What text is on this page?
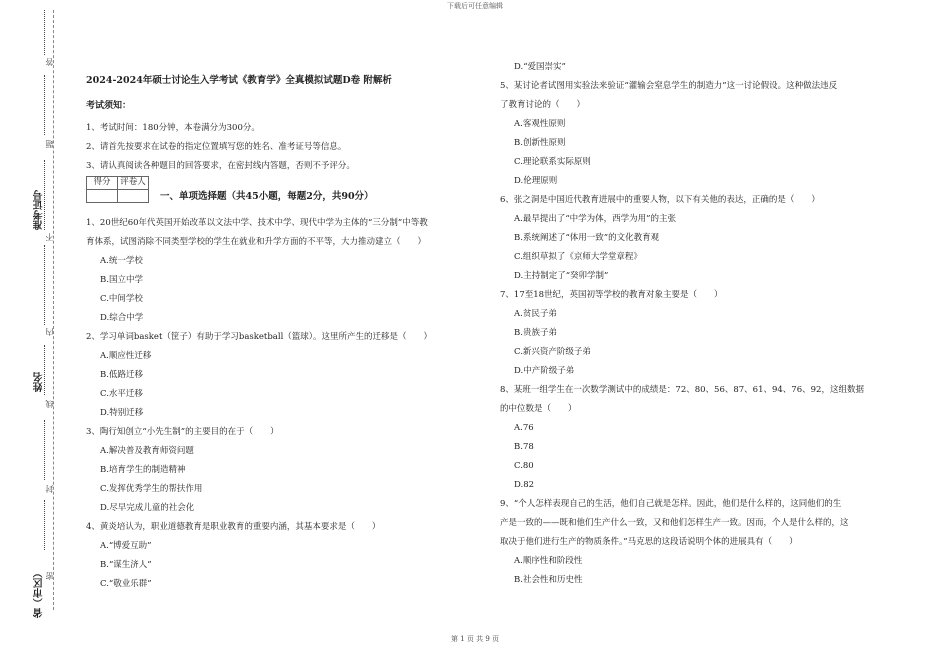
下载后可任意编辑
答
题
不
内
线
封
密
准考证号
姓名
省（市区）

2024-2024年硕士讨论生入学考试《教育学》全真模拟试题D卷 附解析

考试须知：

1、考试时间：180分钟，本卷满分为300分。

2、请首先按要求在试卷的指定位置填写您的姓名、准考证号等信息。

3、请认真阅读各种题目的回答要求，在密封线内答题，否则不予评分。

得分	评卷人

一、单项选择题（共45小题，每题2分，共90分）

1、20世纪60年代英国开始改革以文法中学、技术中学、现代中学为主体的“三分制”中等教

育体系，试图消除不同类型学校的学生在就业和升学方面的不平等，大力推动建立（　　）

A.统一学校

B.国立中学

C.中间学校

D.综合中学

2、学习单词basket（筐子）有助于学习basketball（篮球）。这里所产生的迁移是（　　）

A.顺应性迁移

B.低路迁移

C.水平迁移

D.特别迁移

3、陶行知创立“小先生制”的主要目的在于（　　）

A.解决普及教育师资问题

B.培育学生的制造精神

C.发挥优秀学生的帮扶作用

D.尽早完成儿童的社会化

4、黄炎培认为，职业道德教育是职业教育的重要内涵，其基本要求是（　　）

A.“博爱互助”

B.“谋生济人”

C.“敬业乐群”

D.“爱国崇实”

5、某讨论者试图用实验法来验证“灌输会窒息学生的制造力”这一讨论假设。这种做法违反

了教育讨论的（　　）

A.客观性原则

B.创新性原则

C.理论联系实际原则

D.伦理原则

6、张之洞是中国近代教育进展中的重要人物，以下有关他的表达，正确的是（　　）

A.最早提出了“中学为体，西学为用”的主张

B.系统阐述了“体用一致”的文化教育观

C.组织草拟了《京师大学堂章程》

D.主持制定了“癸卯学制”

7、17至18世纪，英国初等学校的教育对象主要是（　　）

A.贫民子弟

B.贵族子弟

C.新兴资产阶级子弟

D.中产阶级子弟

8、某班一组学生在一次数学测试中的成绩是：72、80、56、87、61、94、76、92，这组数据

的中位数是（　　）

A.76

B.78

C.80

D.82

9、“个人怎样表现自己的生活，他们自己就是怎样。因此，他们是什么样的，这同他们的生

产是一致的——既和他们生产什么一致，又和他们怎样生产一致。因而，个人是什么样的，这

取决于他们进行生产的物质条件。”马克思的这段话说明个体的进展具有（　　）

A.顺序性和阶段性

B.社会性和历史性

第 1 页 共 9 页
